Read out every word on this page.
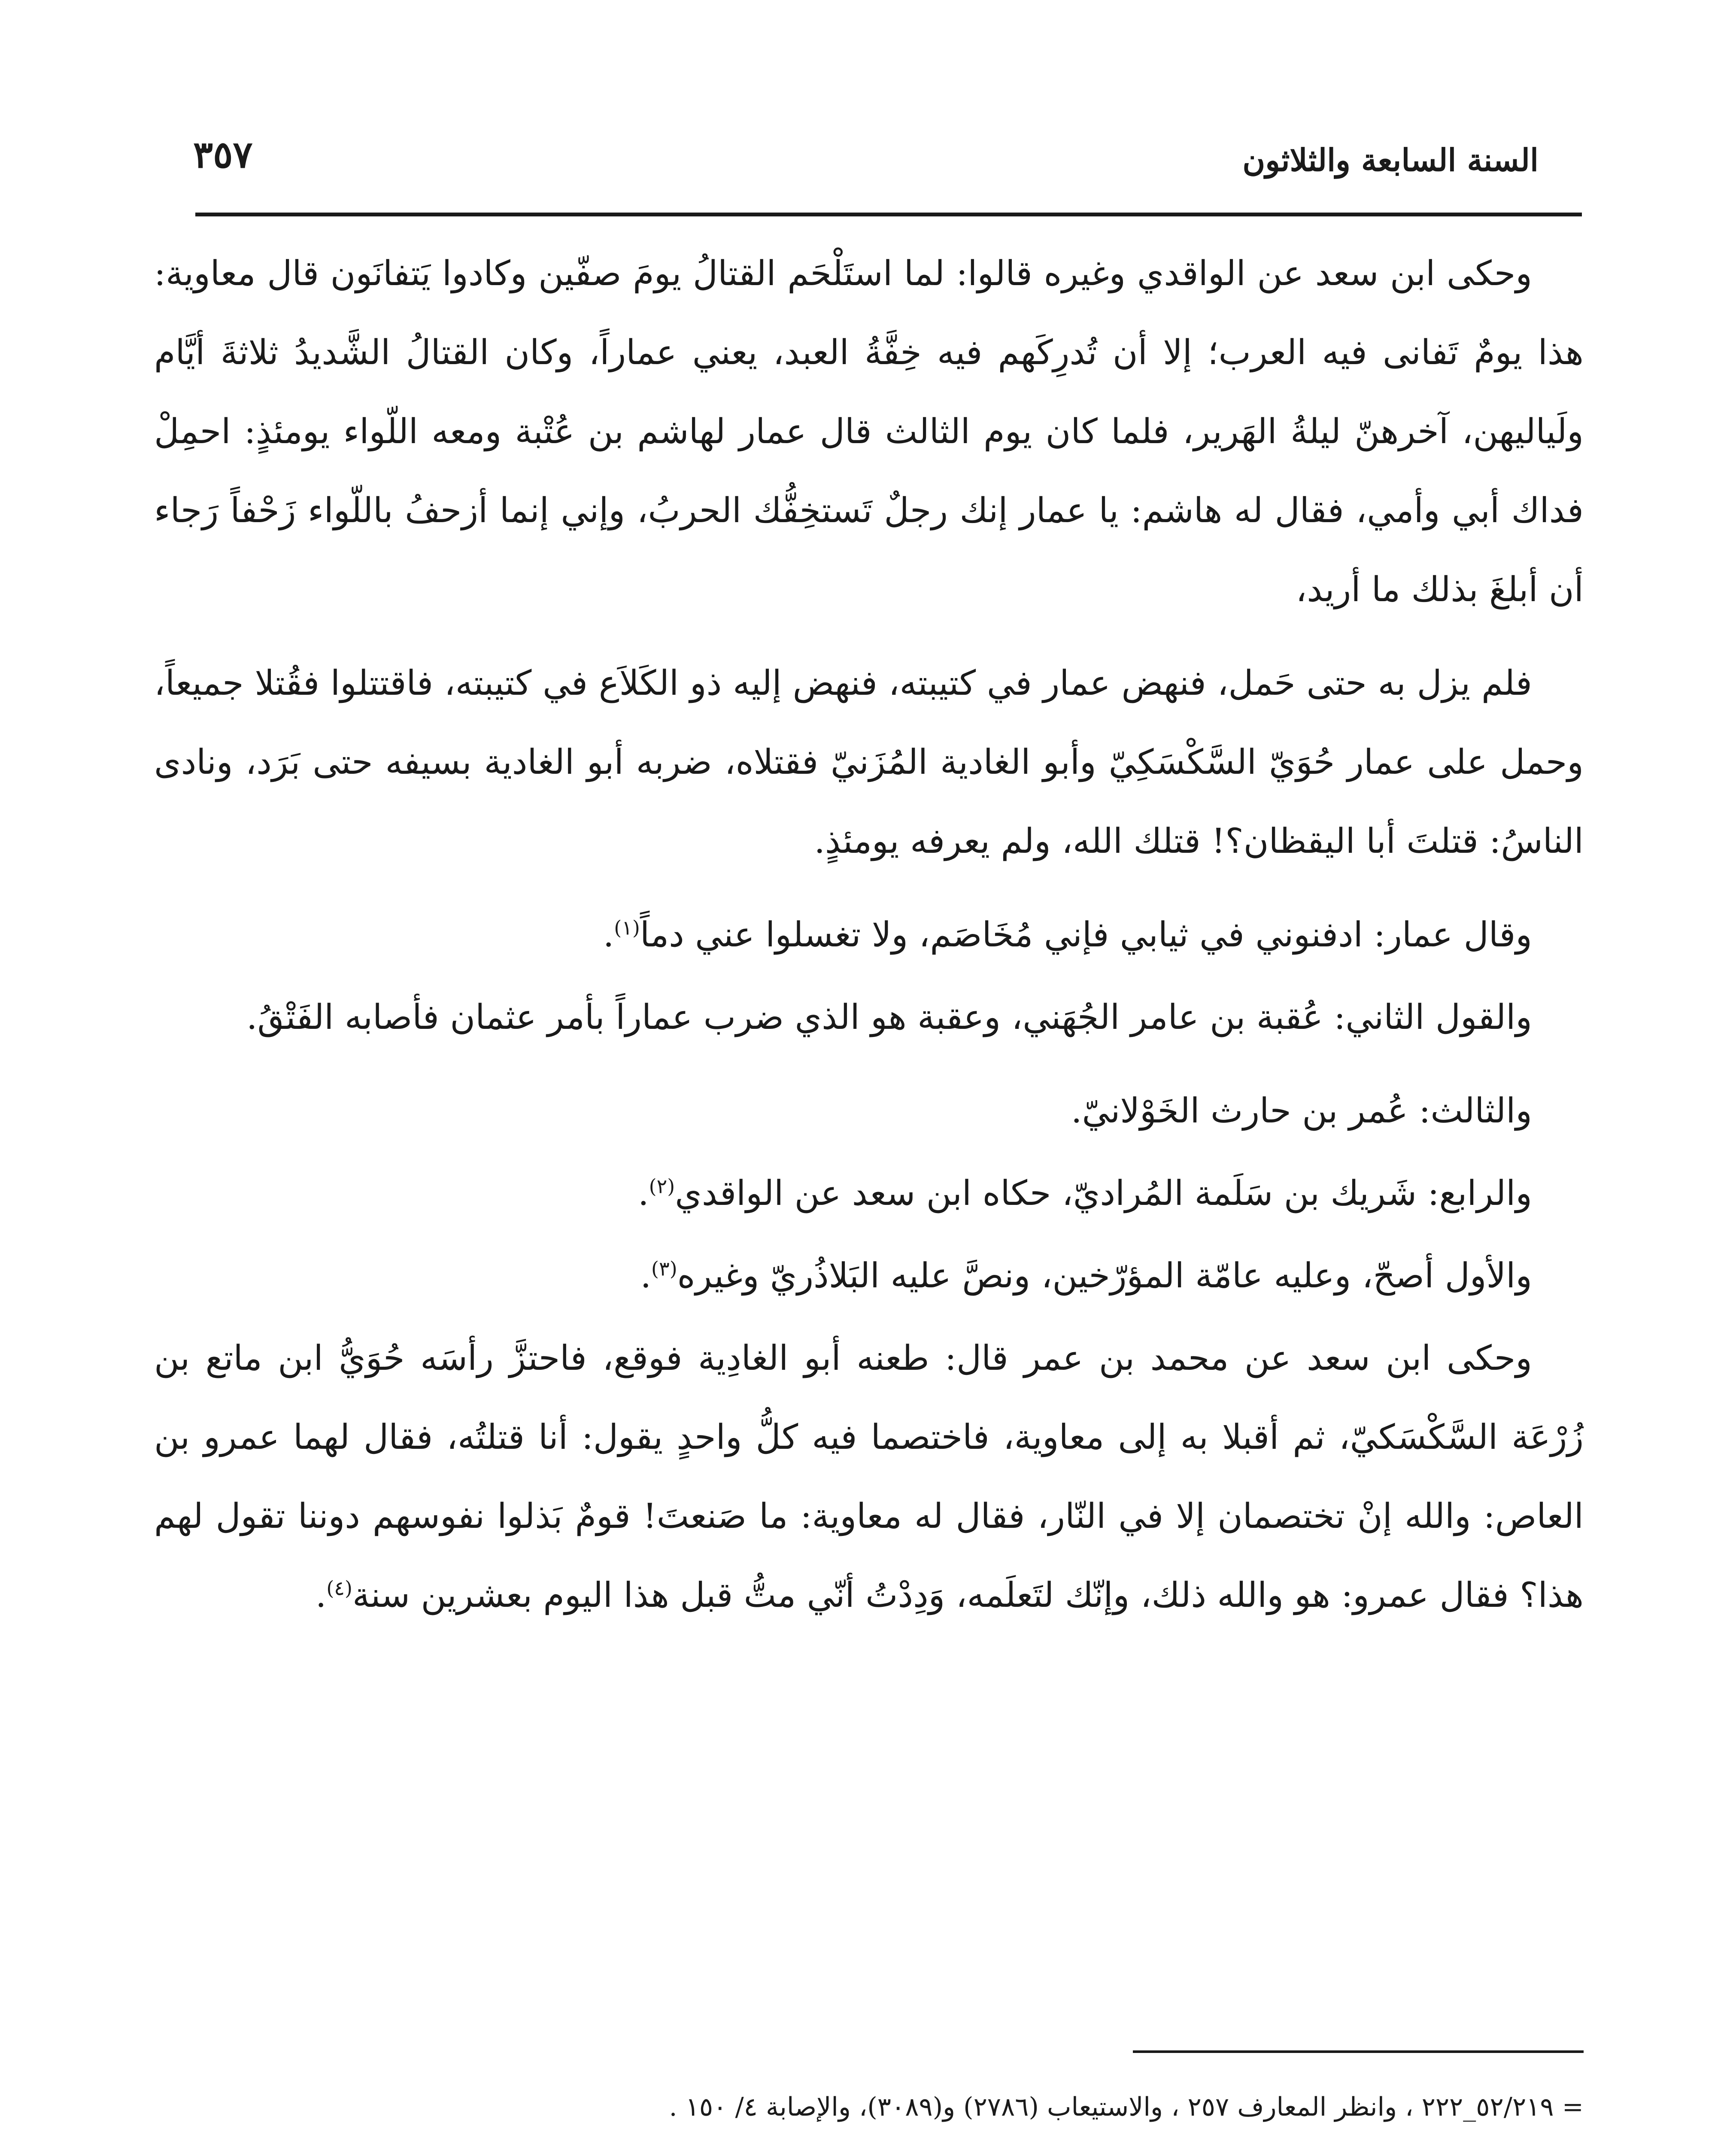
السنة السابعة والثلاثون
٣٥٧

وحكى ابن سعد عن الواقدي وغيره قالوا: لما استَلْحَم القتالُ يومَ صفّين وكادوا يَتفانَون قال معاوية: هذا يومٌ تَفانى فيه العرب؛ إلا أن تُدرِكَهم فيه خِفَّةُ العبد، يعني عماراً، وكان القتالُ الشَّديدُ ثلاثةَ أيَّام ولَياليهن، آخرهنّ ليلةُ الهَرير، فلما كان يوم الثالث قال عمار لهاشم بن عُتْبة ومعه اللّواء يومئذٍ: احمِلْ فداك أبي وأمي، فقال له هاشم: يا عمار إنك رجلٌ تَستخِفُّك الحربُ، وإني إنما أزحفُ باللّواء زَحْفاً رَجاء أن أبلغَ بذلك ما أريد،

فلم يزل به حتى حَمل، فنهض عمار في كتيبته، فنهض إليه ذو الكَلاَع في كتيبته، فاقتتلوا فقُتلا جميعاً، وحمل على عمار حُوَيّ السَّكْسَكِيّ وأبو الغادية المُزَنيّ فقتلاه، ضربه أبو الغادية بسيفه حتى بَرَد، ونادى الناسُ: قتلتَ أبا اليقظان؟! قتلك الله، ولم يعرفه يومئذٍ.

وقال عمار: ادفنوني في ثيابي فإني مُخَاصَم، ولا تغسلوا عني دماً$^{(١)}$.

والقول الثاني: عُقبة بن عامر الجُهَني، وعقبة هو الذي ضرب عماراً بأمر عثمان فأصابه الفَتْقُ.

والثالث: عُمر بن حارث الخَوْلانيّ.

والرابع: شَريك بن سَلَمة المُراديّ، حكاه ابن سعد عن الواقدي$^{(٢)}$.

والأول أصحّ، وعليه عامّة المؤرّخين، ونصَّ عليه البَلاذُريّ وغيره$^{(٣)}$.

وحكى ابن سعد عن محمد بن عمر قال: طعنه أبو الغادِية فوقع، فاحتزَّ رأسَه حُوَيُّ ابن ماتع بن زُرْعَة السَّكْسَكيّ، ثم أقبلا به إلى معاوية، فاختصما فيه كلُّ واحدٍ يقول: أنا قتلتُه، فقال لهما عمرو بن العاص: والله إنْ تختصمان إلا في النّار، فقال له معاوية: ما صَنعتَ! قومٌ بَذلوا نفوسهم دوننا تقول لهم هذا؟ فقال عمرو: هو والله ذلك، وإنّك لتَعلَمه، وَدِدْتُ أنّي متُّ قبل هذا اليوم بعشرين سنة$^{(٤)}$.

= ٥٢/٢١٩_٢٢٢ ، وانظر المعارف ٢٥٧ ، والاستيعاب (٢٧٨٦) و(٣٠٨٩)، والإصابة ٤/ ١٥٠ .
